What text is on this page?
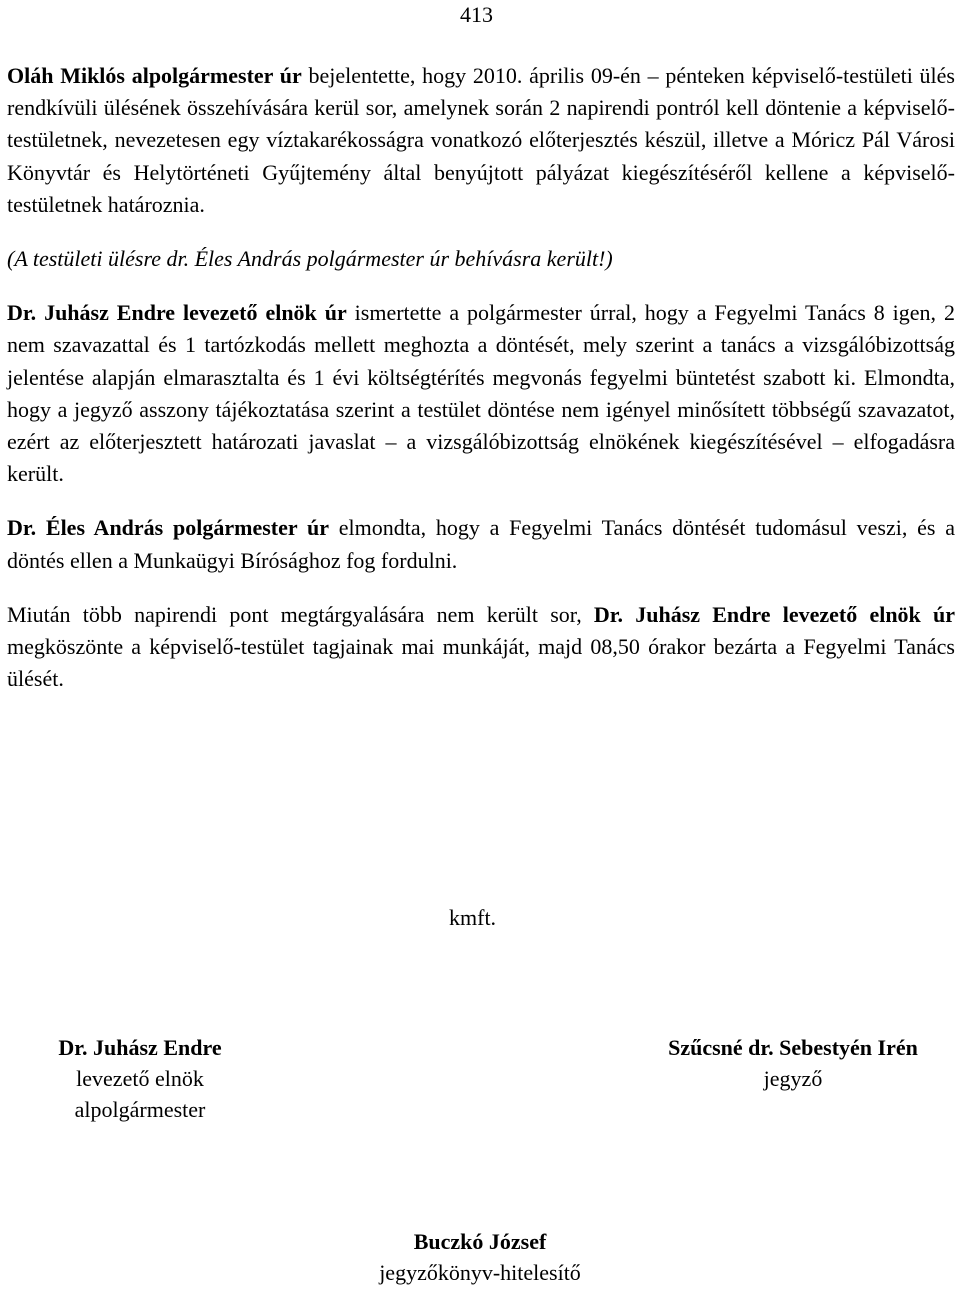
413

Oláh Miklós alpolgármester úr bejelentette, hogy 2010. április 09-én – pénteken képviselő-testületi ülés rendkívüli ülésének összehívására kerül sor, amelynek során 2 napirendi pontról kell döntenie a képviselő-testületnek, nevezetesen egy víztakarékosságra vonatkozó előterjesztés készül, illetve a Móricz Pál Városi Könyvtár és Helytörténeti Gyűjtemény által benyújtott pályázat kiegészítéséről kellene a képviselő-testületnek határoznia.

(A testületi ülésre dr. Éles András polgármester úr behívásra került!)

Dr. Juhász Endre levezető elnök úr ismertette a polgármester úrral, hogy a Fegyelmi Tanács 8 igen, 2 nem szavazattal és 1 tartózkodás mellett meghozta a döntését, mely szerint a tanács a vizsgálóbizottság jelentése alapján elmarasztalta és 1 évi költségtérítés megvonás fegyelmi büntetést szabott ki. Elmondta, hogy a jegyző asszony tájékoztatása szerint a testület döntése nem igényel minősített többségű szavazatot, ezért az előterjesztett határozati javaslat – a vizsgálóbizottság elnökének kiegészítésével – elfogadásra került.

Dr. Éles András polgármester úr elmondta, hogy a Fegyelmi Tanács döntését tudomásul veszi, és a döntés ellen a Munkaügyi Bírósághoz fog fordulni.

Miután több napirendi pont megtárgyalására nem került sor, Dr. Juhász Endre levezető elnök úr megköszönte a képviselő-testület tagjainak mai munkáját, majd 08,50 órakor bezárta a Fegyelmi Tanács ülését.

kmft.
Dr. Juhász Endre
levezető elnök
alpolgármester
Szűcsné dr. Sebestyén Irén
jegyző
Buczkó József
jegyzőkönyv-hitelesítő
